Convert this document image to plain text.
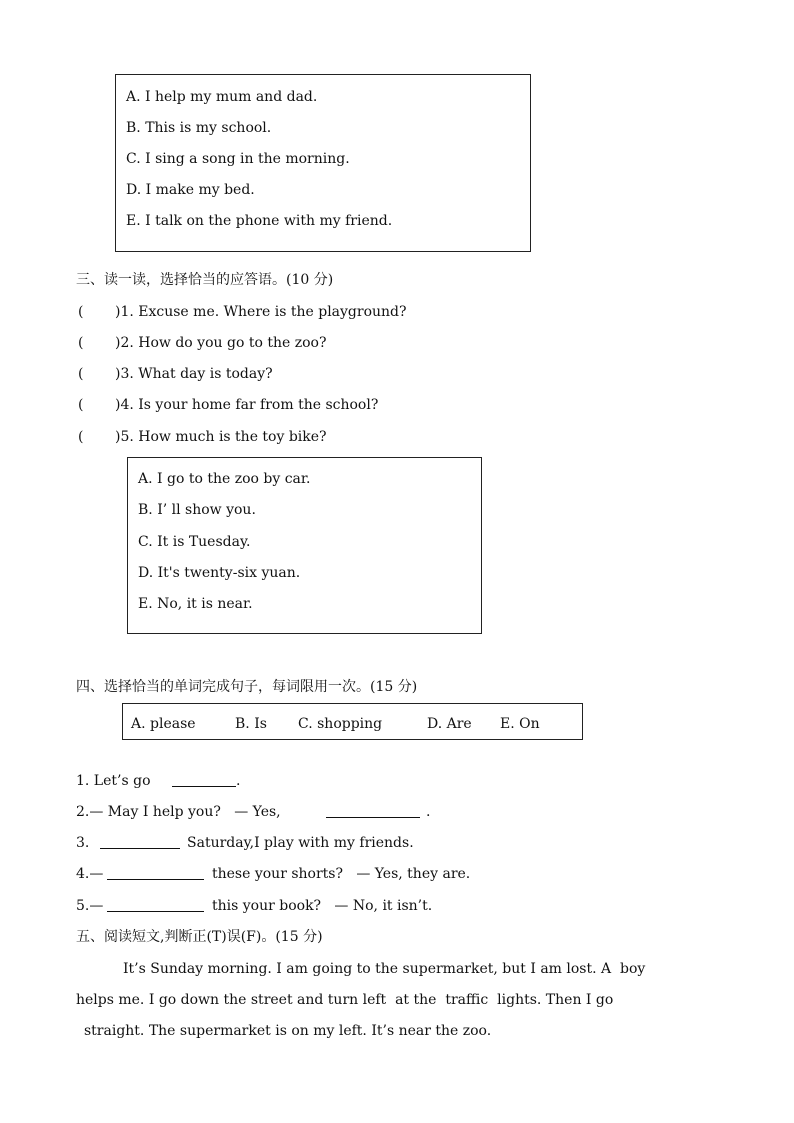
A. I help my mum and dad.
B. This is my school.
C. I sing a song in the morning.
D. I make my bed.
E. I talk on the phone with my friend.
三、读一读，选择恰当的应答语。(10 分)
( )1. Excuse me. Where is the playground?
( )2. How do you go to the zoo?
( )3. What day is today?
( )4. Is your home far from the school?
( )5. How much is the toy bike?
A. I go to the zoo by car.
B. I’ ll show you.
C. It is Tuesday.
D. It's twenty-six yuan.
E. No, it is near.
四、选择恰当的单词完成句子，每词限用一次。(15 分)
A. please	B. Is C. shopping	D. Are E. On
1. Let’s go	.
2.— May I help you?   — Yes,	.
3.	Saturday,I play with my friends.
4.—	these your shorts?   — Yes, they are.
5.—	this your book?   — No, it isn’t.
五、阅读短文,判断正(T)误(F)。(15 分)
It’s Sunday morning. I am going to the supermarket, but I am lost. A  boy
helps me. I go down the street and turn left  at the  traffic  lights. Then I go
straight. The supermarket is on my left. It’s near the zoo.
